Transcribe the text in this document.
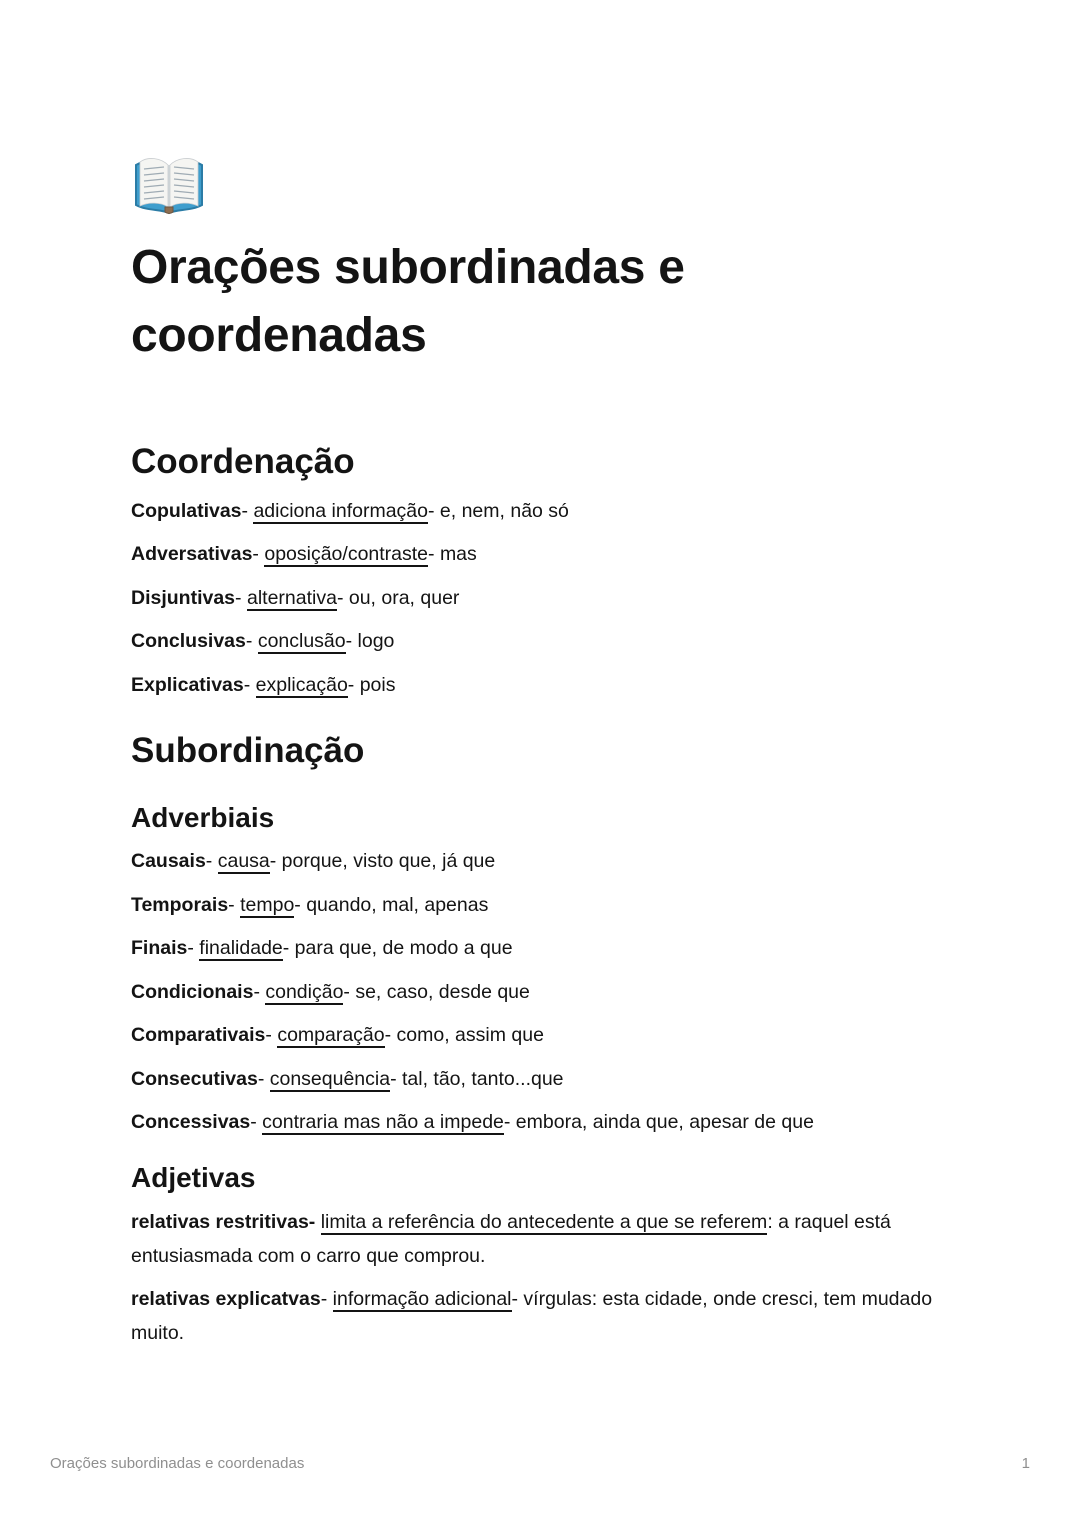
Orações subordinadas e coordenadas
Coordenação

Copulativas- adiciona informação- e, nem, não só

Adversativas- oposição/contraste- mas

Disjuntivas- alternativa- ou, ora, quer

Conclusivas- conclusão- logo

Explicativas- explicação- pois

Subordinação
Adverbiais

Causais- causa- porque, visto que, já que

Temporais- tempo- quando, mal, apenas

Finais- finalidade- para que, de modo a que

Condicionais- condição- se, caso, desde que

Comparativais- comparação- como, assim que

Consecutivas- consequência- tal, tão, tanto...que

Concessivas- contraria mas não a impede- embora, ainda que, apesar de que

Adjetivas

relativas restritivas- limita a referência do antecedente a que se referem: a raquel está entusiasmada com o carro que comprou.

relativas explicatvas- informação adicional- vírgulas: esta cidade, onde cresci, tem mudado muito.

Orações subordinadas e coordenadas	1
